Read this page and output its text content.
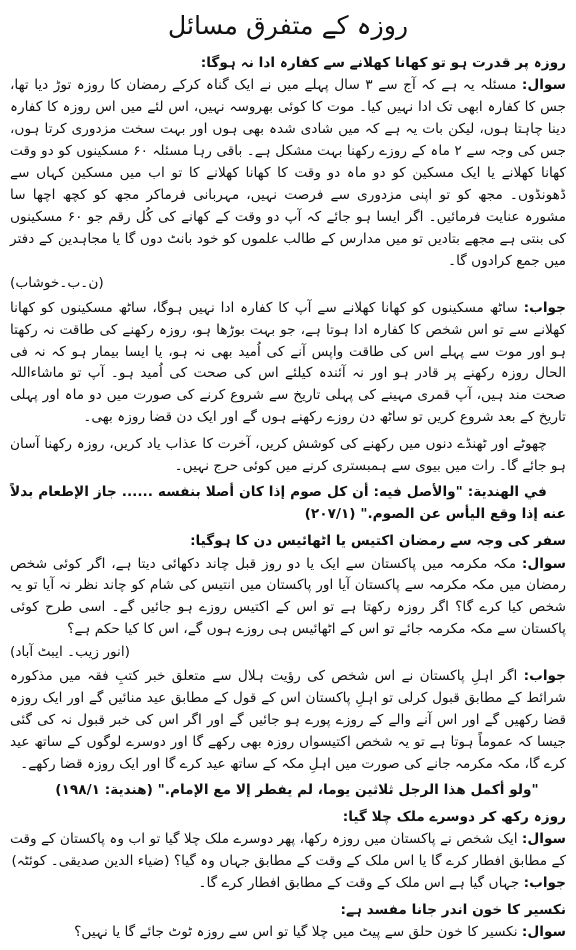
روزہ کے متفرق مسائل
روزہ پر قدرت ہو تو کھانا کھلانے سے کفارہ ادا نہ ہوگا:

سوال: مسئلہ یہ ہے کہ آج سے ۳ سال پہلے میں نے ایک گناہ کرکے رمضان کا روزہ توڑ دیا تھا، جس کا کفارہ ابھی تک ادا نہیں کیا۔ موت کا کوئی بھروسہ نہیں، اس لئے میں اس روزہ کا کفارہ دینا چاہتا ہوں، لیکن بات یہ ہے کہ میں شادی شدہ بھی ہوں اور بہت سخت مزدوری کرتا ہوں، جس کی وجہ سے ۲ ماہ کے روزے رکھنا بہت مشکل ہے۔ باقی رہا مسئلہ ۶۰ مسکینوں کو دو وقت کھانا کھلانے یا ایک مسکین کو دو ماہ دو وقت کا کھانا کھلانے کا تو اب میں مسکین کہاں سے ڈھونڈوں۔ مجھ کو تو اپنی مزدوری سے فرصت نہیں، مہربانی فرماکر مجھ کو کچھ اچھا سا مشورہ عنایت فرمائیں۔ اگر ایسا ہو جائے کہ آپ دو وقت کے کھانے کی کُل رقم جو ۶۰ مسکینوں کی بنتی ہے مجھے بتادیں تو میں مدارس کے طالب علموں کو خود بانٹ دوں گا یا مجاہدین کے دفتر میں جمع کرادوں گا۔

(ن۔ب۔خوشاب)

جواب: ساٹھ مسکینوں کو کھانا کھلانے سے آپ کا کفارہ ادا نہیں ہوگا، ساٹھ مسکینوں کو کھانا کھلانے سے تو اس شخص کا کفارہ ادا ہوتا ہے، جو بہت بوڑھا ہو، روزہ رکھنے کی طاقت نہ رکھتا ہو اور موت سے پہلے اس کی طاقت واپس آنے کی اُمید بھی نہ ہو، یا ایسا بیمار ہو کہ نہ فی الحال روزہ رکھنے پر قادر ہو اور نہ آئندہ کیلئے اس کی صحت کی اُمید ہو۔ آپ تو ماشاءاللہ صحت مند ہیں، آپ قمری مہینے کی پہلی تاریخ سے شروع کرنے کی صورت میں دو ماہ اور پہلی تاریخ کے بعد شروع کریں تو ساٹھ دن روزے رکھنے ہوں گے اور ایک دن قضا روزہ بھی۔

چھوٹے اور ٹھنڈے دنوں میں رکھنے کی کوشش کریں، آخرت کا عذاب یاد کریں، روزہ رکھنا آسان ہو جائے گا۔ رات میں بیوی سے ہمبستری کرنے میں کوئی حرج نہیں۔

في الهندية: "والأصل فيه: أن كل صوم إذا كان أصلا بنفسه ...... جاز الإطعام بدلاً عنه إذا وقع اليأس عن الصوم." (۲۰۷/۱)

سفر کی وجہ سے رمضان اکتیس یا اٹھائیس دن کا ہوگیا:

سوال: مکہ مکرمہ میں پاکستان سے ایک یا دو روز قبل چاند دکھائی دیتا ہے، اگر کوئی شخص رمضان میں مکہ مکرمہ سے پاکستان آیا اور پاکستان میں انتیس کی شام کو چاند نظر نہ آیا تو یہ شخص کیا کرے گا؟ اگر روزہ رکھتا ہے تو اس کے اکتیس روزے ہو جائیں گے۔ اسی طرح کوئی پاکستان سے مکہ مکرمہ جائے تو اس کے اٹھائیس ہی روزے ہوں گے، اس کا کیا حکم ہے؟

(انور زیب۔ ایبٹ آباد)

جواب: اگر اہلِ پاکستان نے اس شخص کی رؤیت ہلال سے متعلق خبر کتبِ فقہ میں مذکورہ شرائط کے مطابق قبول کرلی تو اہلِ پاکستان اس کے قول کے مطابق عید منائیں گے اور ایک روزہ قضا رکھیں گے اور اس آنے والے کے روزے پورے ہو جائیں گے اور اگر اس کی خبر قبول نہ کی گئی جیسا کہ عموماً ہوتا ہے تو یہ شخص اکتیسواں روزہ بھی رکھے گا اور دوسرے لوگوں کے ساتھ عید کرے گا، مکہ مکرمہ جانے کی صورت میں اہلِ مکہ کے ساتھ عید کرے گا اور ایک روزہ قضا رکھے۔

"ولو أكمل هذا الرجل ثلاثين يوما، لم يفطر إلا مع الإمام." (هندية: ۱۹۸/۱)

روزہ رکھ کر دوسرے ملک چلا گیا:

سوال: ایک شخص نے پاکستان میں روزہ رکھا، پھر دوسرے ملک چلا گیا تو اب وہ پاکستان کے وقت کے مطابق افطار کرے گا یا اس ملک کے وقت کے مطابق جہاں وہ گیا؟ (ضیاء الدین صدیقی۔ کوئٹہ)

جواب: جہاں گیا ہے اس ملک کے وقت کے مطابق افطار کرے گا۔

نکسیر کا خون اندر جانا مفسد ہے:

سوال: نکسیر کا خون حلق سے پیٹ میں چلا گیا تو اس سے روزہ ٹوٹ جائے گا یا نہیں؟
